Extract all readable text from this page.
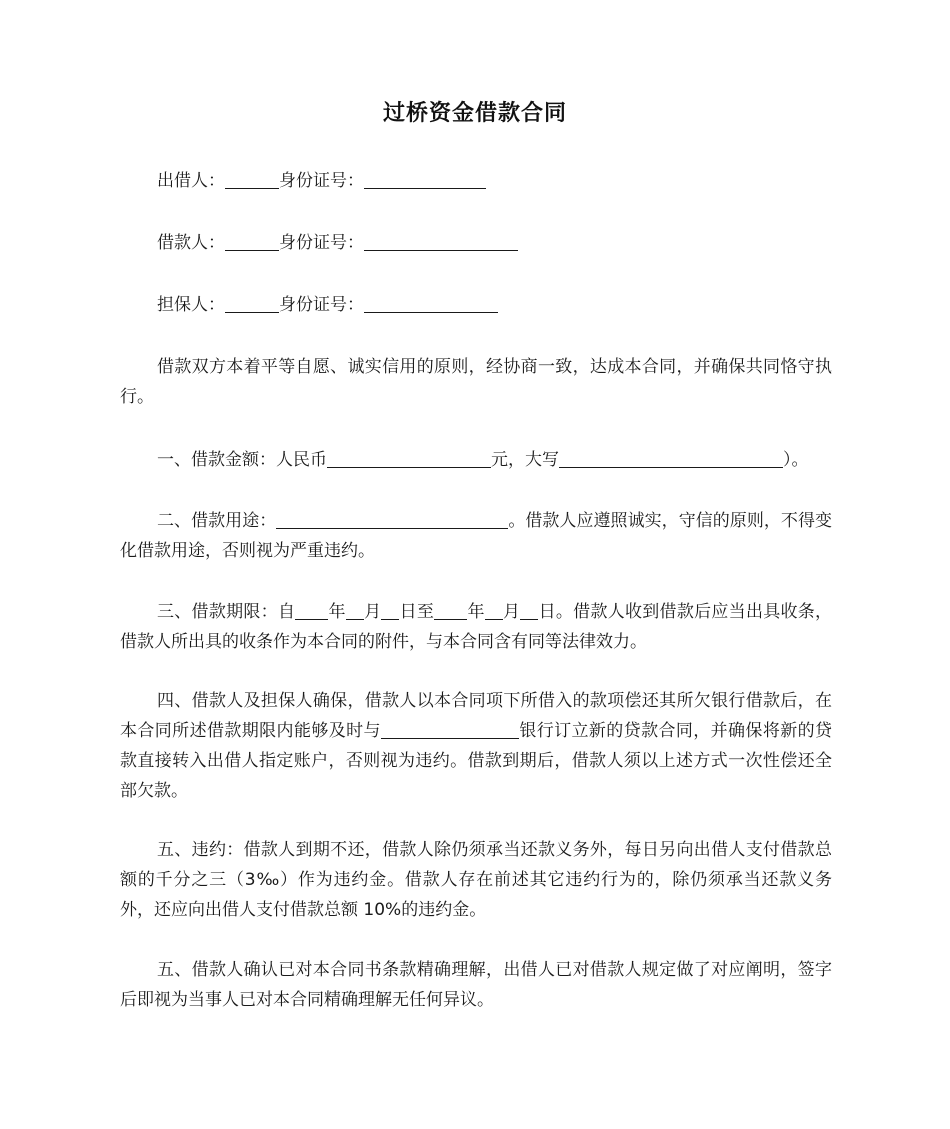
过桥资金借款合同

出借人：	身份证号：

借款人：	身份证号：

担保人：	身份证号：

借款双方本着平等自愿、诚实信用的原则，经协商一致，达成本合同，并确保共同恪守执行。

一、借款金额：人民币	元，大写	）。

二、借款用途：	。借款人应遵照诚实，守信的原则，不得变化借款用途，否则视为严重违约。

三、借款期限：自 年 月 日至 年 月 日。借款人收到借款后应当出具收条，借款人所出具的收条作为本合同的附件，与本合同含有同等法律效力。

四、借款人及担保人确保，借款人以本合同项下所借入的款项偿还其所欠银行借款后，在本合同所述借款期限内能够及时与	银行订立新的贷款合同，并确保将新的贷款直接转入出借人指定账户，否则视为违约。借款到期后，借款人须以上述方式一次性偿还全部欠款。

五、违约：借款人到期不还，借款人除仍须承当还款义务外，每日另向出借人支付借款总额的千分之三（3‰）作为违约金。借款人存在前述其它违约行为的，除仍须承当还款义务外，还应向出借人支付借款总额 10%的违约金。

五、借款人确认已对本合同书条款精确理解，出借人已对借款人规定做了对应阐明，签字后即视为当事人已对本合同精确理解无任何异议。
